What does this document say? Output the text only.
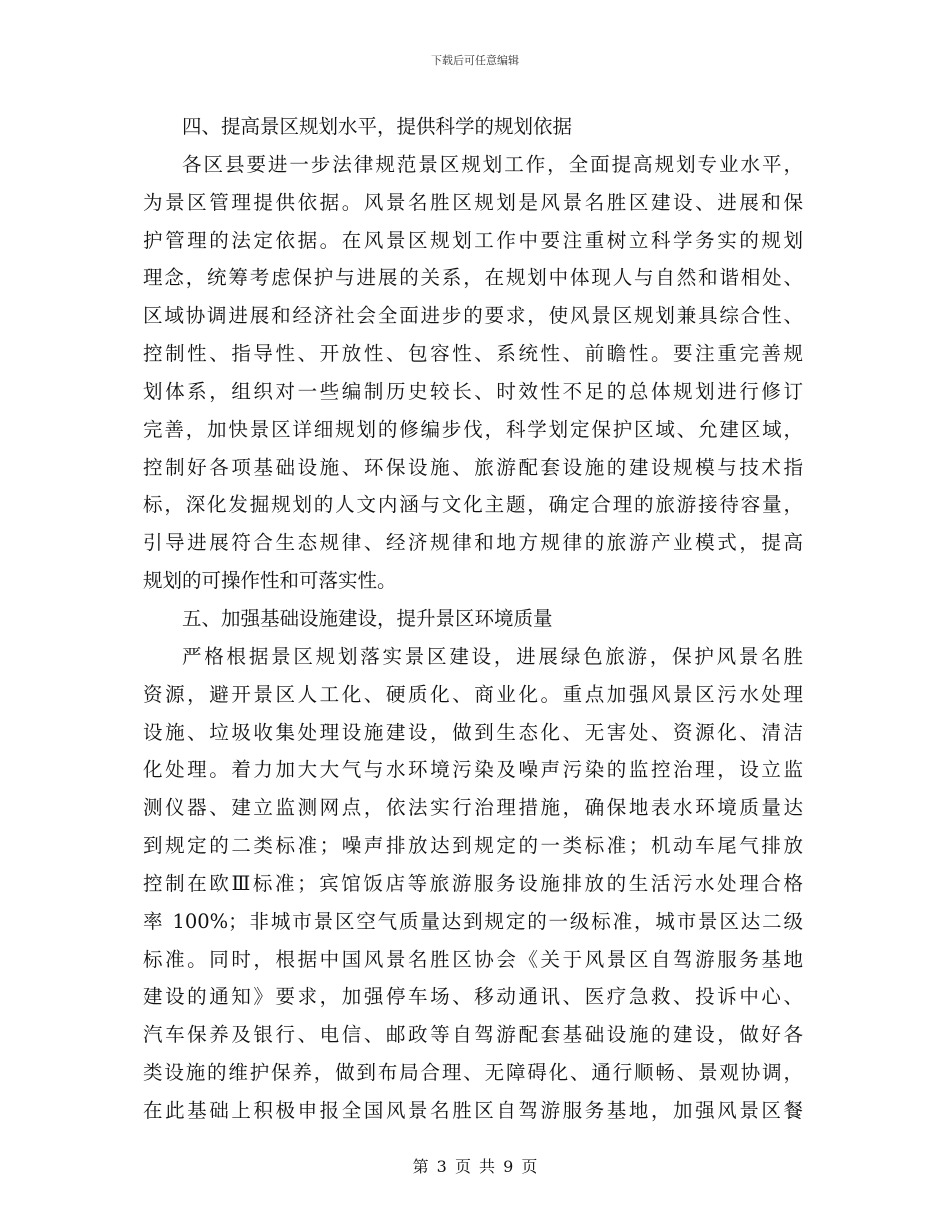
下载后可任意编辑
四、提高景区规划水平，提供科学的规划依据
各区县要进一步法律规范景区规划工作，全面提高规划专业水平，
为景区管理提供依据。风景名胜区规划是风景名胜区建设、进展和保
护管理的法定依据。在风景区规划工作中要注重树立科学务实的规划
理念，统筹考虑保护与进展的关系，在规划中体现人与自然和谐相处、
区域协调进展和经济社会全面进步的要求，使风景区规划兼具综合性、
控制性、指导性、开放性、包容性、系统性、前瞻性。要注重完善规
划体系，组织对一些编制历史较长、时效性不足的总体规划进行修订
完善，加快景区详细规划的修编步伐，科学划定保护区域、允建区域，
控制好各项基础设施、环保设施、旅游配套设施的建设规模与技术指
标，深化发掘规划的人文内涵与文化主题，确定合理的旅游接待容量，
引导进展符合生态规律、经济规律和地方规律的旅游产业模式，提高
规划的可操作性和可落实性。
五、加强基础设施建设，提升景区环境质量
严格根据景区规划落实景区建设，进展绿色旅游，保护风景名胜
资源，避开景区人工化、硬质化、商业化。重点加强风景区污水处理
设施、垃圾收集处理设施建设，做到生态化、无害处、资源化、清洁
化处理。着力加大大气与水环境污染及噪声污染的监控治理，设立监
测仪器、建立监测网点，依法实行治理措施，确保地表水环境质量达
到规定的二类标准；噪声排放达到规定的一类标准；机动车尾气排放
控制在欧Ⅲ标准；宾馆饭店等旅游服务设施排放的生活污水处理合格
率 100%；非城市景区空气质量达到规定的一级标准，城市景区达二级
标准。同时，根据中国风景名胜区协会《关于风景区自驾游服务基地
建设的通知》要求，加强停车场、移动通讯、医疗急救、投诉中心、
汽车保养及银行、电信、邮政等自驾游配套基础设施的建设，做好各
类设施的维护保养，做到布局合理、无障碍化、通行顺畅、景观协调，
在此基础上积极申报全国风景名胜区自驾游服务基地，加强风景区餐
第 3 页 共 9 页
